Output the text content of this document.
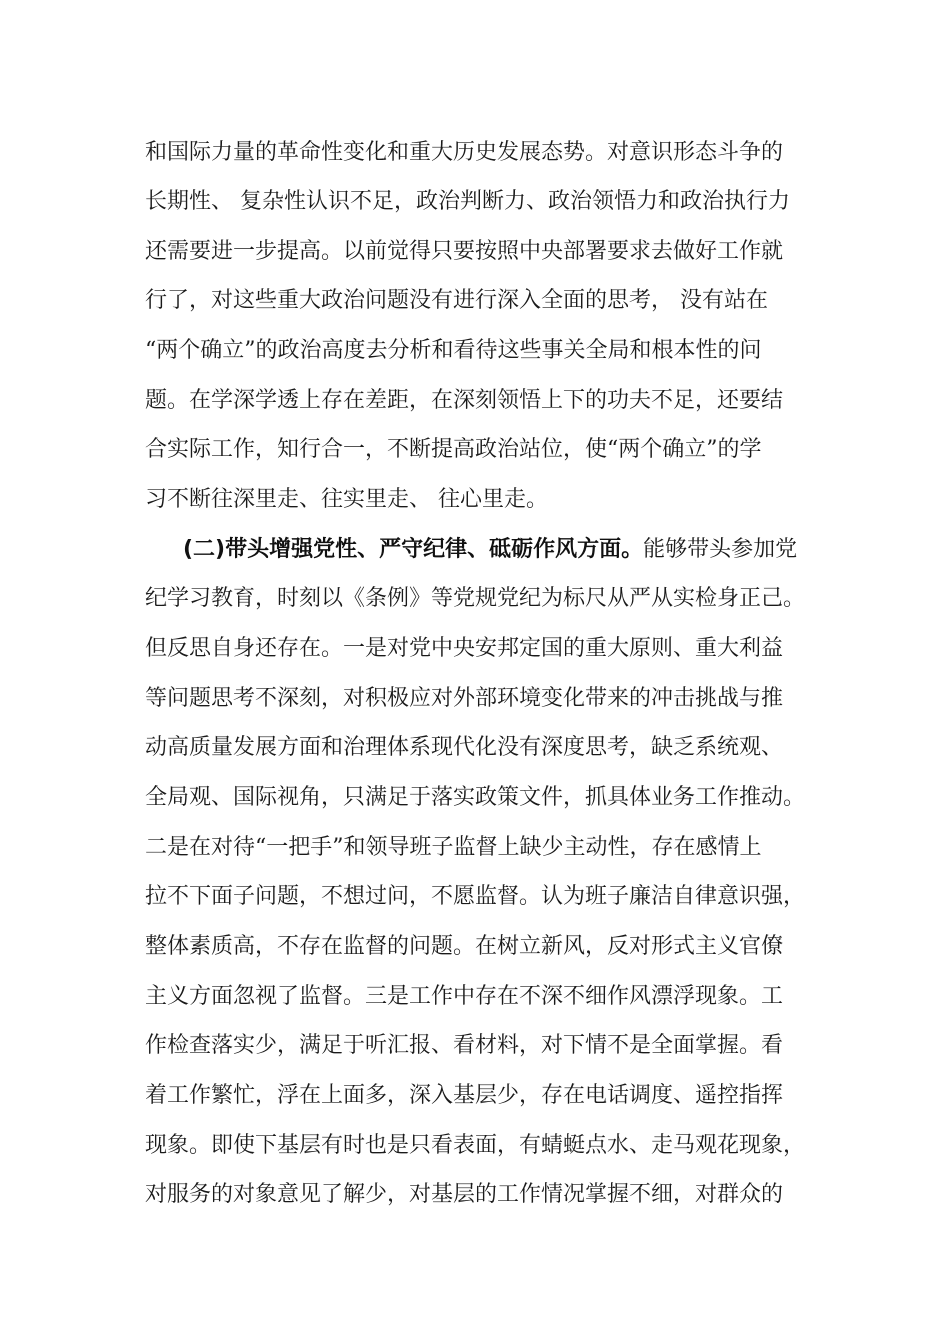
和国际力量的革命性变化和重大历史发展态势。对意识形态斗争的
长期性、 复杂性认识不足，政治判断力、政治领悟力和政治执行力
还需要进一步提高。以前觉得只要按照中央部署要求去做好工作就
行了，对这些重大政治问题没有进行深入全面的思考， 没有站在
“两个确立”的政治高度去分析和看待这些事关全局和根本性的问
题。在学深学透上存在差距，在深刻领悟上下的功夫不足，还要结
合实际工作，知行合一，不断提高政治站位，使“两个确立”的学
习不断往深里走、往实里走、 往心里走。
(二)带头增强党性、严守纪律、砥砺作风方面。能够带头参加党
纪学习教育，时刻以《条例》等党规党纪为标尺从严从实检身正己。
但反思自身还存在。一是对党中央安邦定国的重大原则、重大利益
等问题思考不深刻，对积极应对外部环境变化带来的冲击挑战与推
动高质量发展方面和治理体系现代化没有深度思考，缺乏系统观、
全局观、国际视角，只满足于落实政策文件，抓具体业务工作推动。
二是在对待“一把手”和领导班子监督上缺少主动性，存在感情上
拉不下面子问题，不想过问，不愿监督。认为班子廉洁自律意识强，
整体素质高，不存在监督的问题。在树立新风，反对形式主义官僚
主义方面忽视了监督。三是工作中存在不深不细作风漂浮现象。工
作检查落实少，满足于听汇报、看材料，对下情不是全面掌握。看
着工作繁忙，浮在上面多，深入基层少，存在电话调度、遥控指挥
现象。即使下基层有时也是只看表面，有蜻蜓点水、走马观花现象，
对服务的对象意见了解少，对基层的工作情况掌握不细，对群众的
